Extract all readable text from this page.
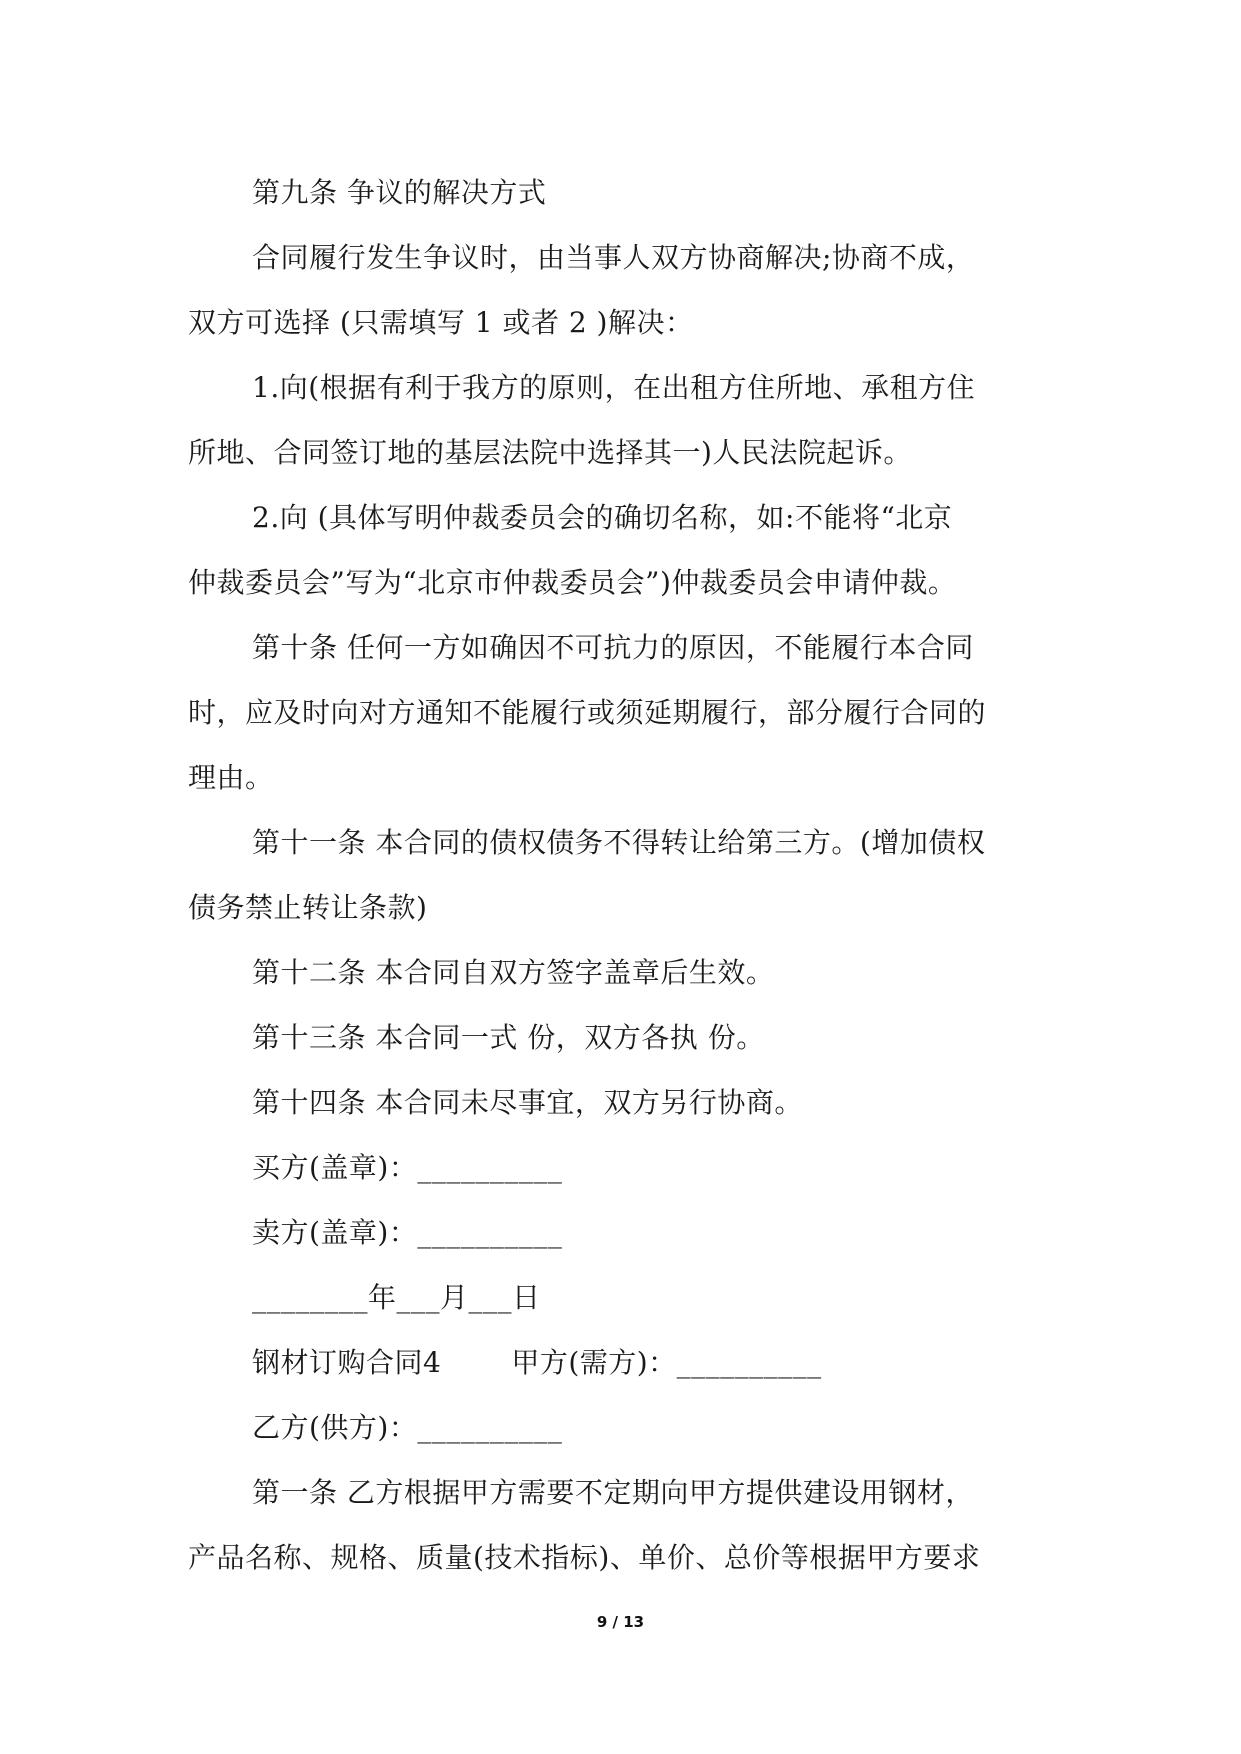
第九条 争议的解决方式
合同履行发生争议时，由当事人双方协商解决;协商不成，
双方可选择 (只需填写 1 或者 2 )解决：
1.向(根据有利于我方的原则，在出租方住所地、承租方住
所地、合同签订地的基层法院中选择其一)人民法院起诉。
2.向 (具体写明仲裁委员会的确切名称，如:不能将“北京
仲裁委员会”写为“北京市仲裁委员会”)仲裁委员会申请仲裁。
第十条 任何一方如确因不可抗力的原因，不能履行本合同
时，应及时向对方通知不能履行或须延期履行，部分履行合同的
理由。
第十一条 本合同的债权债务不得转让给第三方。(增加债权
债务禁止转让条款)
第十二条 本合同自双方签字盖章后生效。
第十三条 本合同一式 份，双方各执 份。
第十四条 本合同未尽事宜，双方另行协商。
买方(盖章)：__________
卖方(盖章)：__________
________年___月___日
钢材订购合同4	甲方(需方)：__________
乙方(供方)：__________
第一条 乙方根据甲方需要不定期向甲方提供建设用钢材，
产品名称、规格、质量(技术指标)、单价、总价等根据甲方要求
9 / 13
